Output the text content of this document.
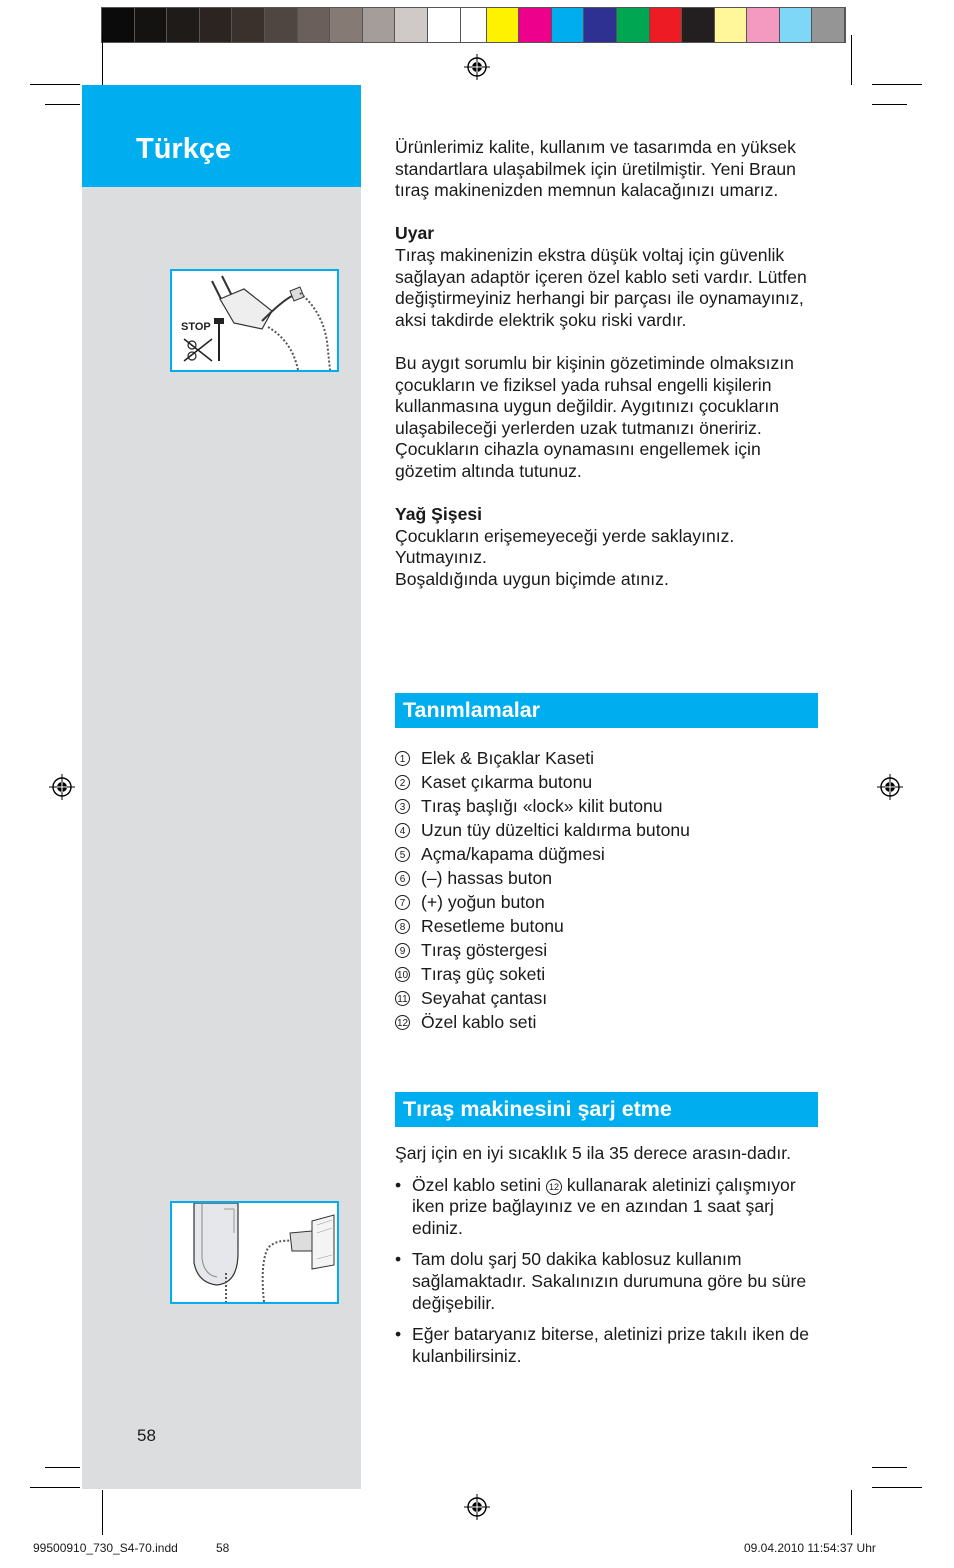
Türkçe
STOP
58

Ürünlerimiz kalite, kullanım ve tasarımda en yüksek standartlara ulaşabilmek için üretilmiştir. Yeni Braun tıraş makinenizden memnun kalacağınızı umarız.

Uyar

Tıraş makinenizin ekstra düşük voltaj için güvenlik sağlayan adaptör içeren özel kablo seti vardır. Lütfen değiştirmeyiniz herhangi bir parçası ile oynamayınız, aksi takdirde elektrik şoku riski vardır.

Bu aygıt sorumlu bir kişinin gözetiminde olmaksızın çocukların ve fiziksel yada ruhsal engelli kişilerin kullanmasına uygun değildir. Aygıtınızı çocukların ulaşabileceği yerlerden uzak tutmanızı öneririz. Çocukların cihazla oynamasını engellemek için gözetim altında tutunuz.

Yağ Şişesi

Çocukların erişemeyeceği yerde saklayınız.

Yutmayınız.

Boşaldığında uygun biçimde atınız.

Tanımlamalar
1 Elek & Bıçaklar Kaseti
2 Kaset çıkarma butonu
3 Tıraş başlığı «lock» kilit butonu
4 Uzun tüy düzeltici kaldırma butonu
5 Açma/kapama düğmesi
6 (–) hassas buton
7 (+) yoğun buton
8 Resetleme butonu
9 Tıraş göstergesi
10 Tıraş güç soketi
11 Seyahat çantası
12 Özel kablo seti
Tıraş makinesini şarj etme

Şarj için en iyi sıcaklık 5 ila 35 derece arasın-dadır.

• Özel kablo setini 12 kullanarak aletinizi çalışmıyor iken prize bağlayınız ve en azından 1 saat şarj ediniz.
• Tam dolu şarj 50 dakika kablosuz kullanım sağlamaktadır. Sakalınızın durumuna göre bu süre değişebilir.
• Eğer bataryanız biterse, aletinizi prize takılı iken de kulanbilirsiniz.
99500910_730_S4-70.indd	58	09.04.2010 11:54:37 Uhr
